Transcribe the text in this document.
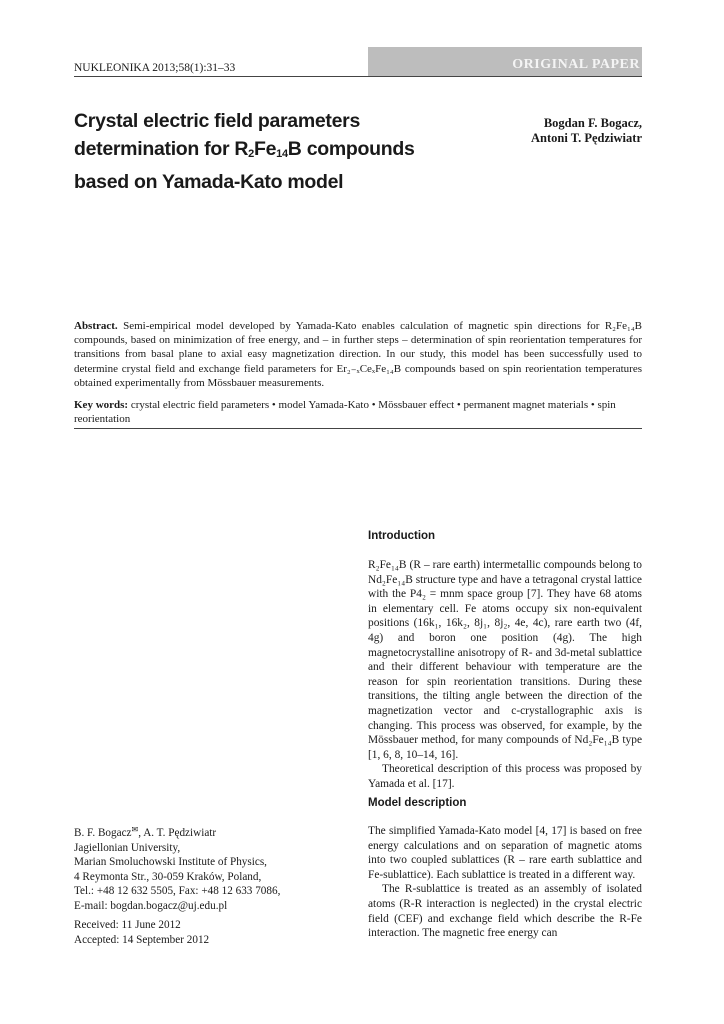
NUKLEONIKA 2013;58(1):31–33	ORIGINAL PAPER
Crystal electric field parameters
determination for $R_2Fe_{14}B$ compounds
based on Yamada-Kato model
Bogdan F. Bogacz,
Antoni T. Pędziwiatr
Abstract. Semi-empirical model developed by Yamada-Kato enables calculation of magnetic spin directions for R₂Fe₁₄B compounds, based on minimization of free energy, and – in further steps – determination of spin reorientation temperatures for transitions from basal plane to axial easy magnetization direction. In our study, this model has been successfully used to determine crystal field and exchange field parameters for Er₂₋ₓCeₓFe₁₄B compounds based on spin reorientation temperatures obtained experimentally from Mössbauer measurements.
Key words: crystal electric field parameters • model Yamada-Kato • Mössbauer effect • permanent magnet materials • spin reorientation
Introduction

R₂Fe₁₄B (R – rare earth) intermetallic compounds belong to Nd₂Fe₁₄B structure type and have a tetragonal crystal lattice with the P4₂ = mnm space group [7]. They have 68 atoms in elementary cell. Fe atoms occupy six non-equivalent positions (16k₁, 16k₂, 8j₁, 8j₂, 4e, 4c), rare earth two (4f, 4g) and boron one position (4g). The high magnetocrystalline anisotropy of R- and 3d-metal sublattice and their different behaviour with temperature are the reason for spin reorientation transitions. During these transitions, the tilting angle between the direction of the magnetization vector and c-crystallographic axis is changing. This process was observed, for example, by the Mössbauer method, for many compounds of Nd₂Fe₁₄B type [1, 6, 8, 10–14, 16].

Theoretical description of this process was proposed by Yamada et al. [17].

Model description

The simplified Yamada-Kato model [4, 17] is based on free energy calculations and on separation of magnetic atoms into two coupled sublattices (R – rare earth sublattice and Fe-sublattice). Each sublattice is treated in a different way.

The R-sublattice is treated as an assembly of isolated atoms (R-R interaction is neglected) in the crystal electric field (CEF) and exchange field which describe the R-Fe interaction. The magnetic free energy can

B. F. Bogacz✉, A. T. Pędziwiatr
Jagiellonian University,
Marian Smoluchowski Institute of Physics,
4 Reymonta Str., 30-059 Kraków, Poland,
Tel.: +48 12 632 5505, Fax: +48 12 633 7086,
E-mail: bogdan.bogacz@uj.edu.pl
Received: 11 June 2012
Accepted: 14 September 2012
